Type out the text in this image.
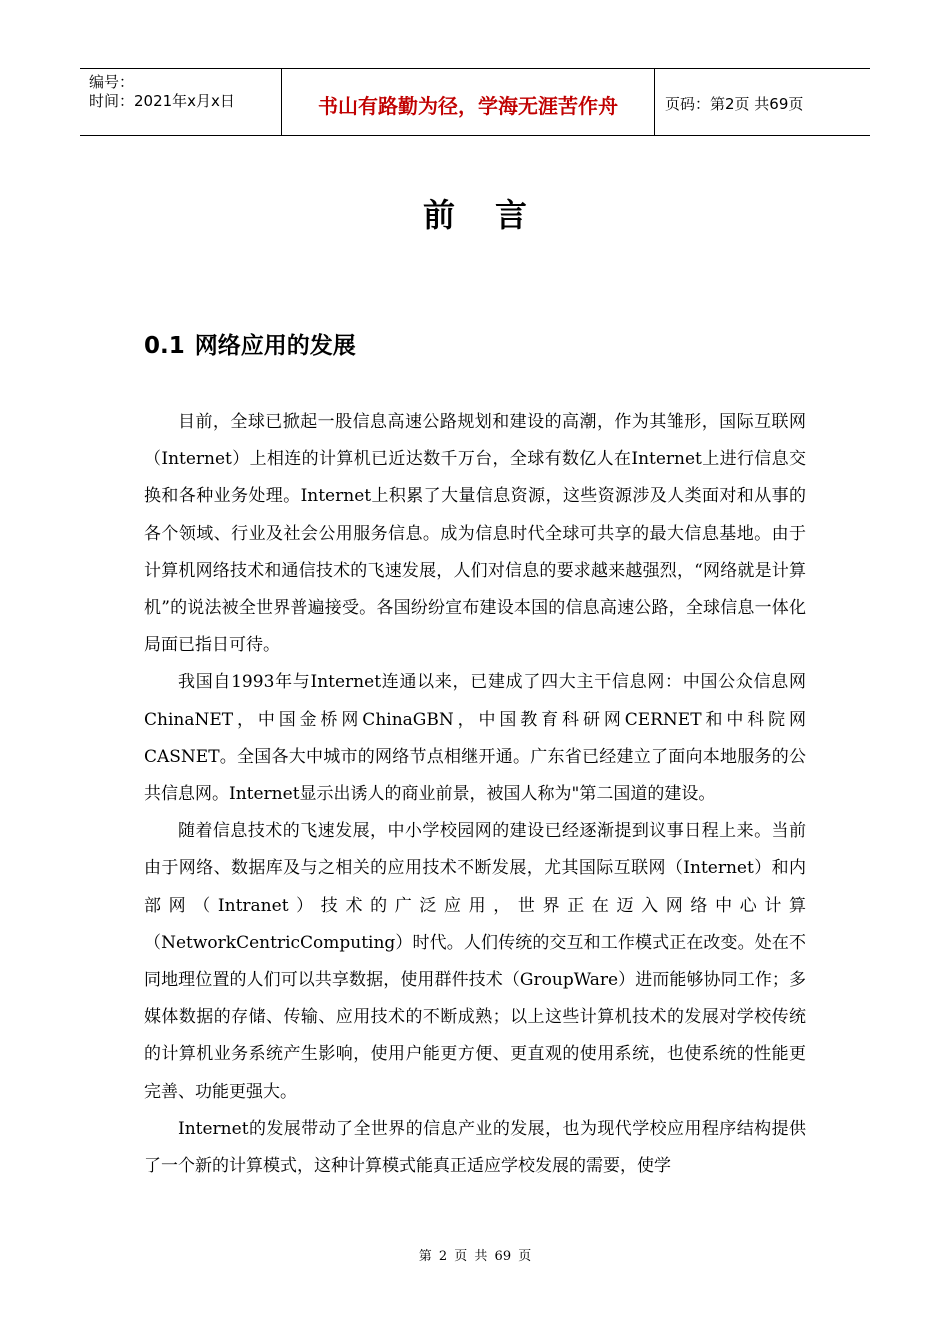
编号：
时间：2021年x月x日	书山有路勤为径，学海无涯苦作舟	页码：第2页 共69页
前言
0.1 网络应用的发展

目前，全球已掀起一股信息高速公路规划和建设的高潮，作为其雏形，国际互联网（Internet）上相连的计算机已近达数千万台，全球有数亿人在Internet上进行信息交换和各种业务处理。Internet上积累了大量信息资源，这些资源涉及人类面对和从事的各个领域、行业及社会公用服务信息。成为信息时代全球可共享的最大信息基地。由于计算机网络技术和通信技术的飞速发展，人们对信息的要求越来越强烈，“网络就是计算机”的说法被全世界普遍接受。各国纷纷宣布建设本国的信息高速公路，全球信息一体化局面已指日可待。

我国自1993年与Internet连通以来，已建成了四大主干信息网：中国公众信息网ChinaNET，中国金桥网ChinaGBN，中国教育科研网CERNET和中科院网CASNET。全国各大中城市的网络节点相继开通。广东省已经建立了面向本地服务的公共信息网。Internet显示出诱人的商业前景，被国人称为"第二国道的建设。

随着信息技术的飞速发展，中小学校园网的建设已经逐渐提到议事日程上来。当前由于网络、数据库及与之相关的应用技术不断发展，尤其国际互联网（Internet）和内部网（Intranet）技术的广泛应用，世界正在迈入网络中心计算（NetworkCentricComputing）时代。人们传统的交互和工作模式正在改变。处在不同地理位置的人们可以共享数据，使用群件技术（GroupWare）进而能够协同工作；多媒体数据的存储、传输、应用技术的不断成熟；以上这些计算机技术的发展对学校传统的计算机业务系统产生影响，使用户能更方便、更直观的使用系统，也使系统的性能更完善、功能更强大。

Internet的发展带动了全世界的信息产业的发展，也为现代学校应用程序结构提供了一个新的计算模式，这种计算模式能真正适应学校发展的需要，使学

第 2 页 共 69 页
